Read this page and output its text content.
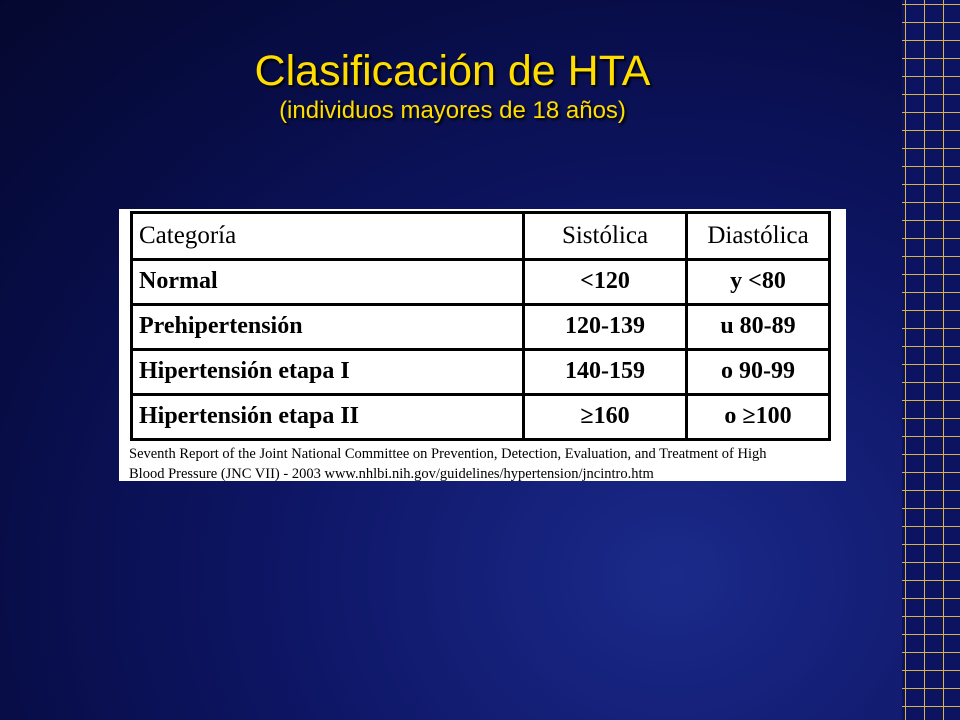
Clasificación de HTA
(individuos mayores de 18 años)
Categoría	Sistólica	Diastólica
Normal	<120	y <80
Prehipertensión	120-139	u 80-89
Hipertensión etapa I	140-159	o 90-99
Hipertensión etapa II	≥160	o ≥100
Seventh Report of the Joint National Committee on Prevention, Detection, Evaluation, and Treatment of High
Blood Pressure (JNC VII) - 2003 www.nhlbi.nih.gov/guidelines/hypertension/jncintro.htm
